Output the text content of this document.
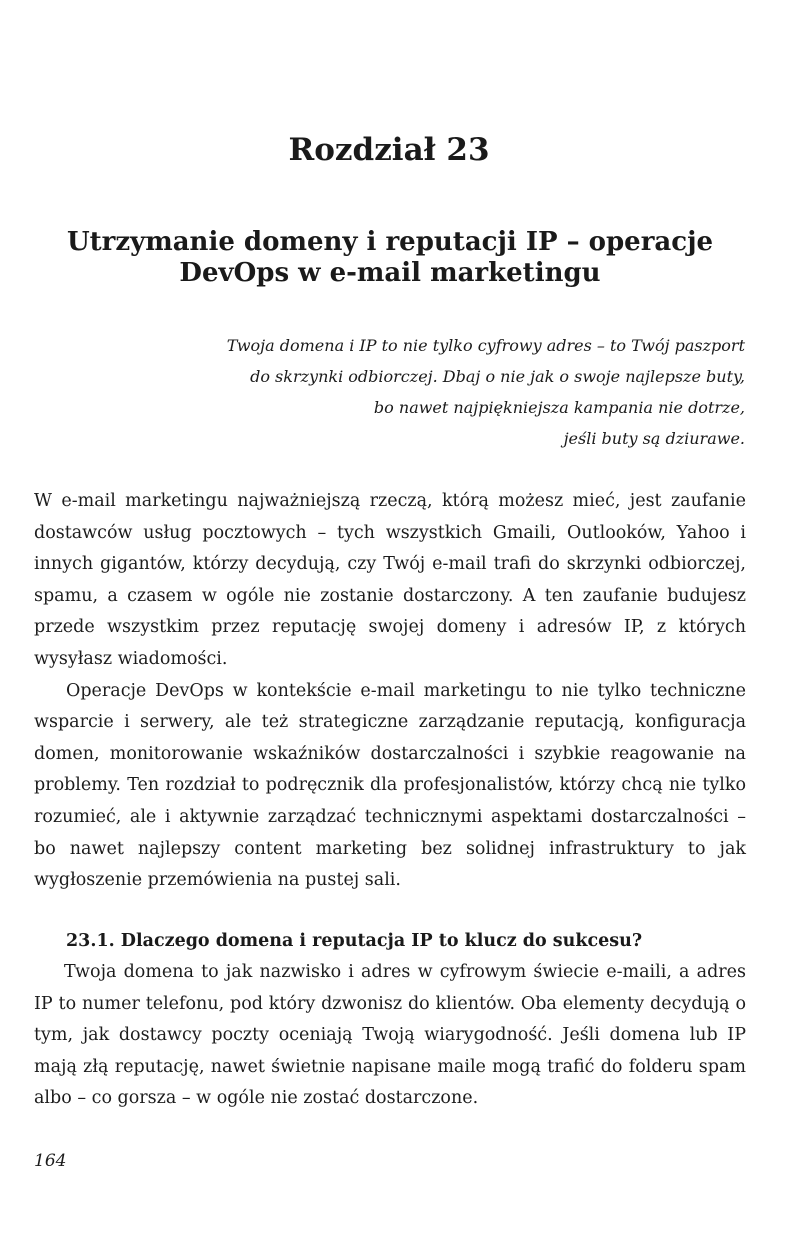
Rozdział 23
Utrzymanie domeny i reputacji IP – operacje DevOps w e-mail marketingu
Twoja domena i IP to nie tylko cyfrowy adres – to Twój paszport
do skrzynki odbiorczej. Dbaj o nie jak o swoje najlepsze buty,
bo nawet najpiękniejsza kampania nie dotrze,
jeśli buty są dziurawe.

W e-mail marketingu najważniejszą rzeczą, którą możesz mieć, jest zaufanie dostawców usług pocztowych – tych wszystkich Gmaili, Outlooków, Yahoo i innych gigantów, którzy decydują, czy Twój e-mail trafi do skrzynki odbiorczej, spamu, a czasem w ogóle nie zostanie dostarczony. A ten zaufanie budujesz przede wszystkim przez reputację swojej domeny i adresów IP, z których wysyłasz wiadomości.

Operacje DevOps w kontekście e-mail marketingu to nie tylko techniczne wsparcie i serwery, ale też strategiczne zarządzanie reputacją, konfiguracja domen, monitorowanie wskaźników dostarczalności i szybkie reagowanie na problemy. Ten rozdział to podręcznik dla profesjonalistów, którzy chcą nie tylko rozumieć, ale i aktywnie zarządzać technicznymi aspektami dostarczalności – bo nawet najlepszy content marketing bez solidnej infrastruktury to jak wygłoszenie przemówienia na pustej sali.

23.1. Dlaczego domena i reputacja IP to klucz do sukcesu?

Twoja domena to jak nazwisko i adres w cyfrowym świecie e-maili, a adres IP to numer telefonu, pod który dzwonisz do klientów. Oba elementy decydują o tym, jak dostawcy poczty oceniają Twoją wiarygodność. Jeśli domena lub IP mają złą reputację, nawet świetnie napisane maile mogą trafić do folderu spam albo – co gorsza – w ogóle nie zostać dostarczone.

164
